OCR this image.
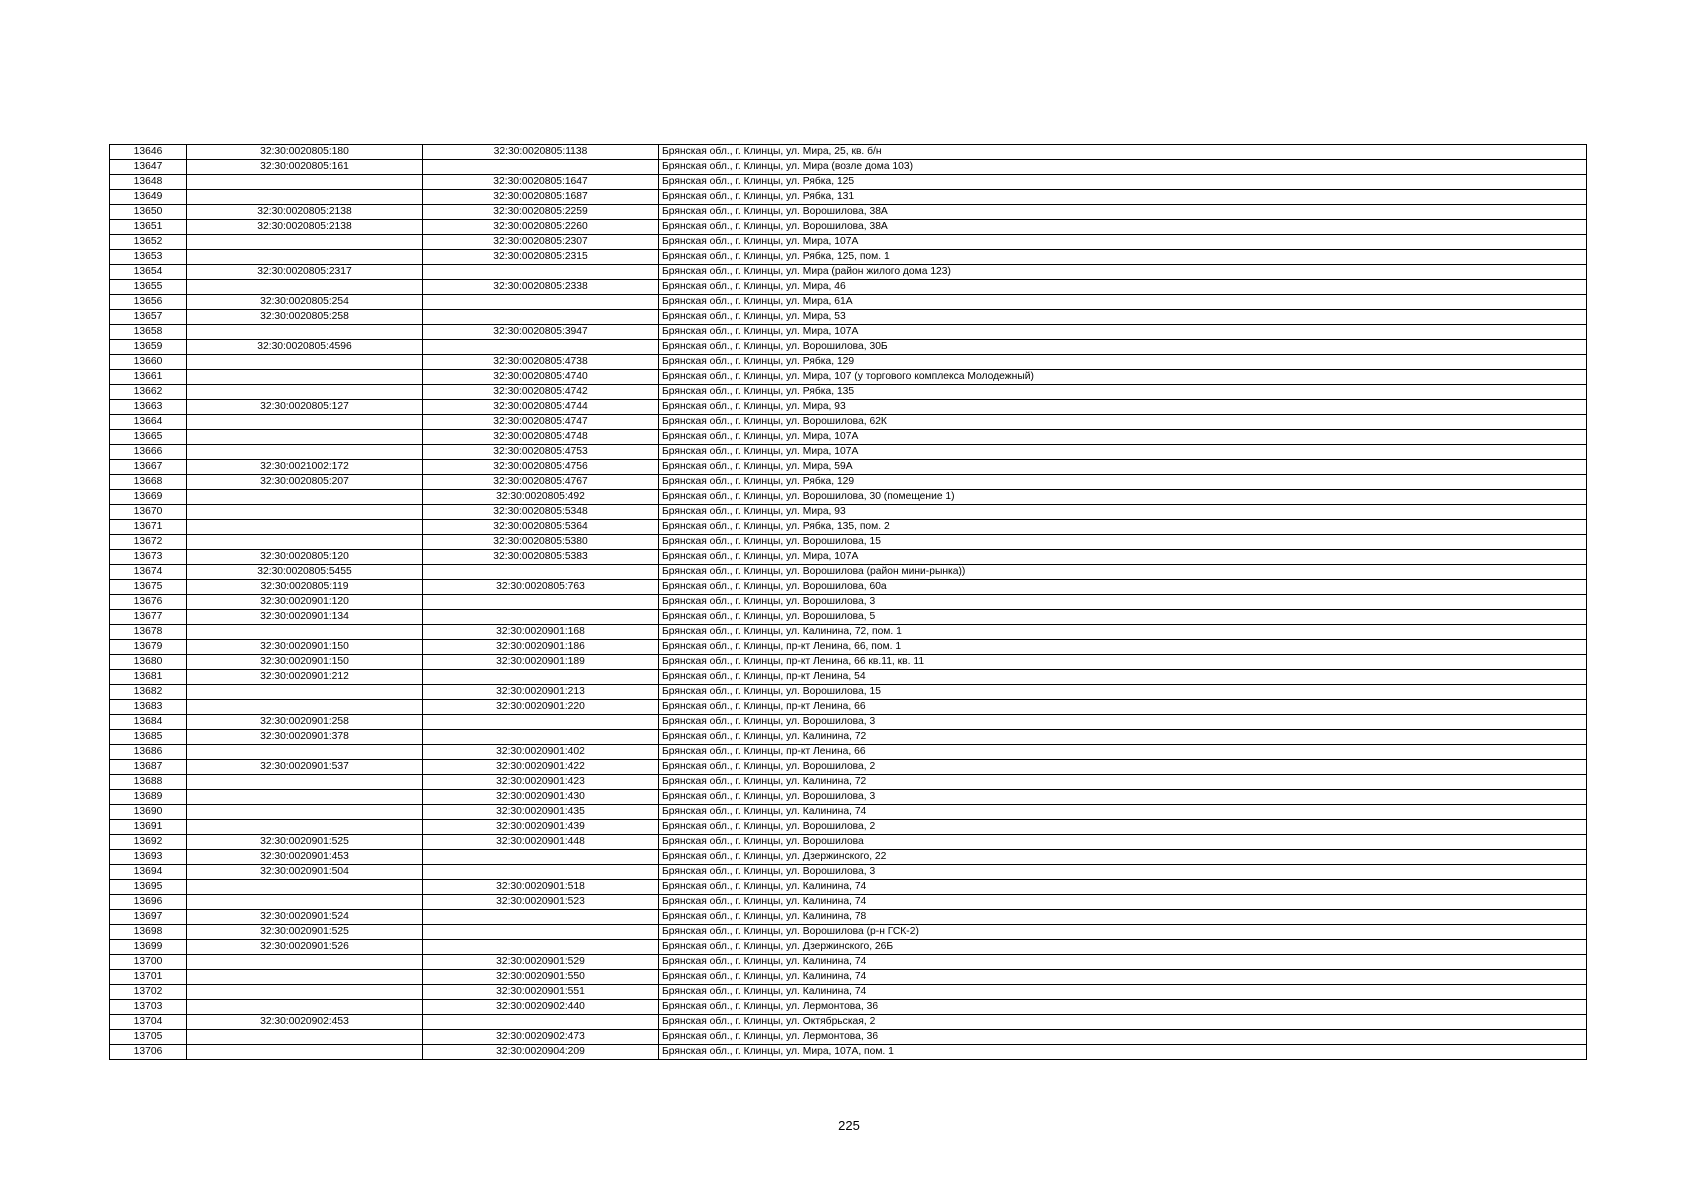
13646	32:30:0020805:180	32:30:0020805:1138	Брянская обл., г. Клинцы, ул. Мира, 25, кв. б/н
13647	32:30:0020805:161		Брянская обл., г. Клинцы, ул. Мира (возле дома 103)
13648		32:30:0020805:1647	Брянская обл., г. Клинцы, ул. Рябка, 125
13649		32:30:0020805:1687	Брянская обл., г. Клинцы, ул. Рябка, 131
13650	32:30:0020805:2138	32:30:0020805:2259	Брянская обл., г. Клинцы, ул. Ворошилова, 38А
13651	32:30:0020805:2138	32:30:0020805:2260	Брянская обл., г. Клинцы, ул. Ворошилова, 38А
13652		32:30:0020805:2307	Брянская обл., г. Клинцы, ул. Мира, 107А
13653		32:30:0020805:2315	Брянская обл., г. Клинцы, ул. Рябка, 125, пом. 1
13654	32:30:0020805:2317		Брянская обл., г. Клинцы, ул. Мира (район жилого дома 123)
13655		32:30:0020805:2338	Брянская обл., г. Клинцы, ул. Мира, 46
13656	32:30:0020805:254		Брянская обл., г. Клинцы, ул. Мира, 61А
13657	32:30:0020805:258		Брянская обл., г. Клинцы, ул. Мира, 53
13658		32:30:0020805:3947	Брянская обл., г. Клинцы, ул. Мира, 107А
13659	32:30:0020805:4596		Брянская обл., г. Клинцы, ул. Ворошилова, 30Б
13660		32:30:0020805:4738	Брянская обл., г. Клинцы, ул. Рябка, 129
13661		32:30:0020805:4740	Брянская обл., г. Клинцы, ул. Мира, 107 (у торгового комплекса Молодежный)
13662		32:30:0020805:4742	Брянская обл., г. Клинцы, ул. Рябка, 135
13663	32:30:0020805:127	32:30:0020805:4744	Брянская обл., г. Клинцы, ул. Мира, 93
13664		32:30:0020805:4747	Брянская обл., г. Клинцы, ул. Ворошилова, 62К
13665		32:30:0020805:4748	Брянская обл., г. Клинцы, ул. Мира, 107А
13666		32:30:0020805:4753	Брянская обл., г. Клинцы, ул. Мира, 107А
13667	32:30:0021002:172	32:30:0020805:4756	Брянская обл., г. Клинцы, ул. Мира, 59А
13668	32:30:0020805:207	32:30:0020805:4767	Брянская обл., г. Клинцы, ул. Рябка, 129
13669		32:30:0020805:492	Брянская обл., г. Клинцы, ул. Ворошилова, 30 (помещение 1)
13670		32:30:0020805:5348	Брянская обл., г. Клинцы, ул. Мира, 93
13671		32:30:0020805:5364	Брянская обл., г. Клинцы, ул. Рябка, 135, пом. 2
13672		32:30:0020805:5380	Брянская обл., г. Клинцы, ул. Ворошилова, 15
13673	32:30:0020805:120	32:30:0020805:5383	Брянская обл., г. Клинцы, ул. Мира, 107А
13674	32:30:0020805:5455		Брянская обл., г. Клинцы, ул. Ворошилова (район мини-рынка))
13675	32:30:0020805:119	32:30:0020805:763	Брянская обл., г. Клинцы, ул. Ворошилова, 60а
13676	32:30:0020901:120		Брянская обл., г. Клинцы, ул. Ворошилова, 3
13677	32:30:0020901:134		Брянская обл., г. Клинцы, ул. Ворошилова, 5
13678		32:30:0020901:168	Брянская обл., г. Клинцы, ул. Калинина, 72, пом. 1
13679	32:30:0020901:150	32:30:0020901:186	Брянская обл., г. Клинцы, пр-кт Ленина, 66, пом. 1
13680	32:30:0020901:150	32:30:0020901:189	Брянская обл., г. Клинцы, пр-кт Ленина, 66 кв.11, кв. 11
13681	32:30:0020901:212		Брянская обл., г. Клинцы, пр-кт Ленина, 54
13682		32:30:0020901:213	Брянская обл., г. Клинцы, ул. Ворошилова, 15
13683		32:30:0020901:220	Брянская обл., г. Клинцы, пр-кт Ленина, 66
13684	32:30:0020901:258		Брянская обл., г. Клинцы, ул. Ворошилова, 3
13685	32:30:0020901:378		Брянская обл., г. Клинцы, ул. Калинина, 72
13686		32:30:0020901:402	Брянская обл., г. Клинцы, пр-кт Ленина, 66
13687	32:30:0020901:537	32:30:0020901:422	Брянская обл., г. Клинцы, ул. Ворошилова, 2
13688		32:30:0020901:423	Брянская обл., г. Клинцы, ул. Калинина, 72
13689		32:30:0020901:430	Брянская обл., г. Клинцы, ул. Ворошилова, 3
13690		32:30:0020901:435	Брянская обл., г. Клинцы, ул. Калинина, 74
13691		32:30:0020901:439	Брянская обл., г. Клинцы, ул. Ворошилова, 2
13692	32:30:0020901:525	32:30:0020901:448	Брянская обл., г. Клинцы, ул. Ворошилова
13693	32:30:0020901:453		Брянская обл., г. Клинцы, ул. Дзержинского, 22
13694	32:30:0020901:504		Брянская обл., г. Клинцы, ул. Ворошилова, 3
13695		32:30:0020901:518	Брянская обл., г. Клинцы, ул. Калинина, 74
13696		32:30:0020901:523	Брянская обл., г. Клинцы, ул. Калинина, 74
13697	32:30:0020901:524		Брянская обл., г. Клинцы, ул. Калинина, 78
13698	32:30:0020901:525		Брянская обл., г. Клинцы, ул. Ворошилова (р-н ГСК-2)
13699	32:30:0020901:526		Брянская обл., г. Клинцы, ул. Дзержинского, 26Б
13700		32:30:0020901:529	Брянская обл., г. Клинцы, ул. Калинина, 74
13701		32:30:0020901:550	Брянская обл., г. Клинцы, ул. Калинина, 74
13702		32:30:0020901:551	Брянская обл., г. Клинцы, ул. Калинина, 74
13703		32:30:0020902:440	Брянская обл., г. Клинцы, ул. Лермонтова, 36
13704	32:30:0020902:453		Брянская обл., г. Клинцы, ул. Октябрьская, 2
13705		32:30:0020902:473	Брянская обл., г. Клинцы, ул. Лермонтова, 36
13706		32:30:0020904:209	Брянская обл., г. Клинцы, ул. Мира, 107А, пом. 1
225
